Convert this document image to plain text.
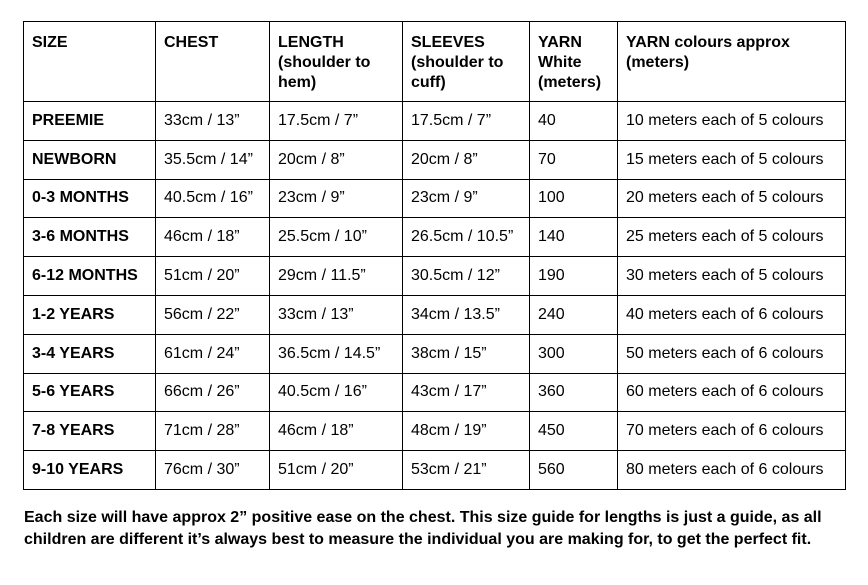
SIZE	CHEST	LENGTH (shoulder to hem)	SLEEVES (shoulder to cuff)	YARN White (meters)	YARN colours approx (meters)
PREEMIE	33cm / 13”	17.5cm / 7”	17.5cm / 7”	40	10 meters each of 5 colours
NEWBORN	35.5cm / 14”	20cm / 8”	20cm / 8”	70	15 meters each of 5 colours
0-3 MONTHS	40.5cm / 16”	23cm / 9”	23cm / 9”	100	20 meters each of 5 colours
3-6 MONTHS	46cm / 18”	25.5cm / 10”	26.5cm / 10.5”	140	25 meters each of 5 colours
6-12 MONTHS	51cm / 20”	29cm / 11.5”	30.5cm / 12”	190	30 meters each of 5 colours
1-2 YEARS	56cm / 22”	33cm / 13”	34cm / 13.5”	240	40 meters each of 6 colours
3-4 YEARS	61cm / 24”	36.5cm / 14.5”	38cm / 15”	300	50 meters each of 6 colours
5-6 YEARS	66cm / 26”	40.5cm / 16”	43cm / 17”	360	60 meters each of 6 colours
7-8 YEARS	71cm / 28”	46cm / 18”	48cm / 19”	450	70 meters each of 6 colours
9-10 YEARS	76cm / 30”	51cm / 20”	53cm / 21”	560	80 meters each of 6 colours

Each size will have approx 2” positive ease on the chest. This size guide for lengths is just a guide, as all children are different it’s always best to measure the individual you are making for, to get the perfect fit.
